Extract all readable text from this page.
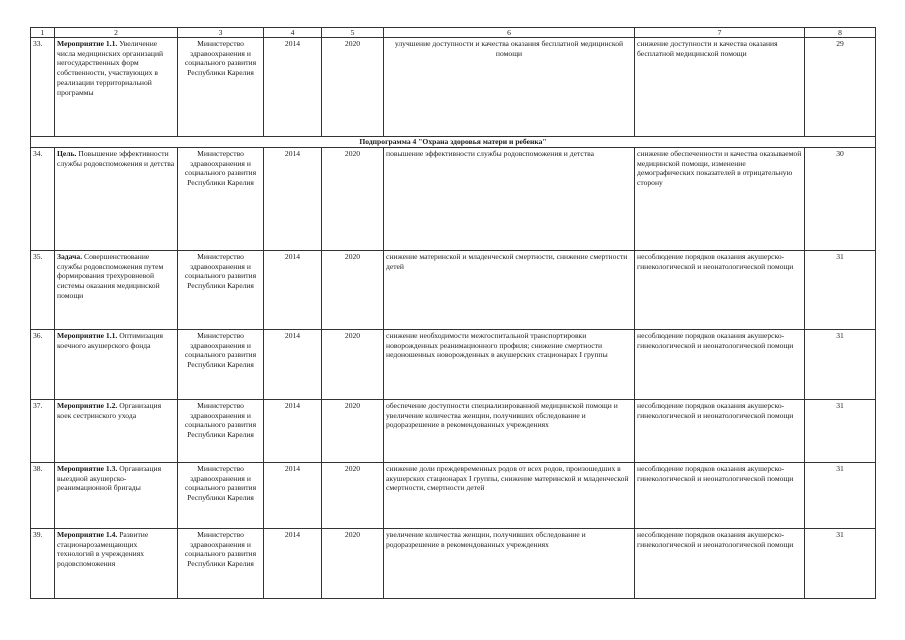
1	2	3	4	5	6	7	8
33.	Мероприятие 1.1. Увеличение числа медицинских организаций негосударственных форм собственности, участвующих в реализации территориальной программы	Министерство здравоохранения и социального развития Республики Карелия	2014	2020	улучшение доступности и качества оказания бесплатной медицинской помощи	снижение доступности и качества оказания бесплатной медицинской помощи	29
Подпрограмма 4 "Охрана здоровья матери и ребенка"							
34.	Цель. Повышение эффективности службы родовспоможения и детства	Министерство здравоохранения и социального развития Республики Карелия	2014	2020	повышение эффективности службы родовспоможения и детства	снижение обеспеченности и качества оказываемой медицинской помощи, изменение демографических показателей в отрицательную сторону	30
35.	Задача. Совершенствование службы родовспоможения путем формирования трехуровневой системы оказания медицинской помощи	Министерство здравоохранения и социального развития Республики Карелия	2014	2020	снижение материнской и младенческой смертности, снижение смертности детей	несоблюдение порядков оказания акушерско-гинекологической и неонатологической помощи	31
36.	Мероприятие 1.1. Оптимизация коечного акушерского фонда	Министерство здравоохранения и социального развития Республики Карелия	2014	2020	снижение необходимости межгоспитальной транспортировки новорожденных реанимационного профиля; снижение смертности недоношенных новорожденных в акушерских стационарах I группы	несоблюдение порядков оказания акушерско-гинекологической и неонатологической помощи	31
37.	Мероприятие 1.2. Организация коек сестринского ухода	Министерство здравоохранения и социального развития Республики Карелия	2014	2020	обеспечение доступности специализированной медицинской помощи и увеличение количества женщин, получивших обследование и родоразрешение в рекомендованных учреждениях	несоблюдение порядков оказания акушерско-гинекологической и неонатологической помощи	31
38.	Мероприятие 1.3. Организация выездной акушерско-реанимационной бригады	Министерство здравоохранения и социального развития Республики Карелия	2014	2020	снижение доли преждевременных родов от всех родов, произошедших в акушерских стационарах I группы, снижение материнской и младенческой смертности, смертности детей	несоблюдение порядков оказания акушерско-гинекологической и неонатологической помощи	31
39.	Мероприятие 1.4. Развитие стационарозамещающих технологий в учреждениях родовспоможения	Министерство здравоохранения и социального развития Республики Карелия	2014	2020	увеличение количества женщин, получивших обследование и родоразрешение в рекомендованных учреждениях	несоблюдение порядков оказания акушерско-гинекологической и неонатологической помощи	31
